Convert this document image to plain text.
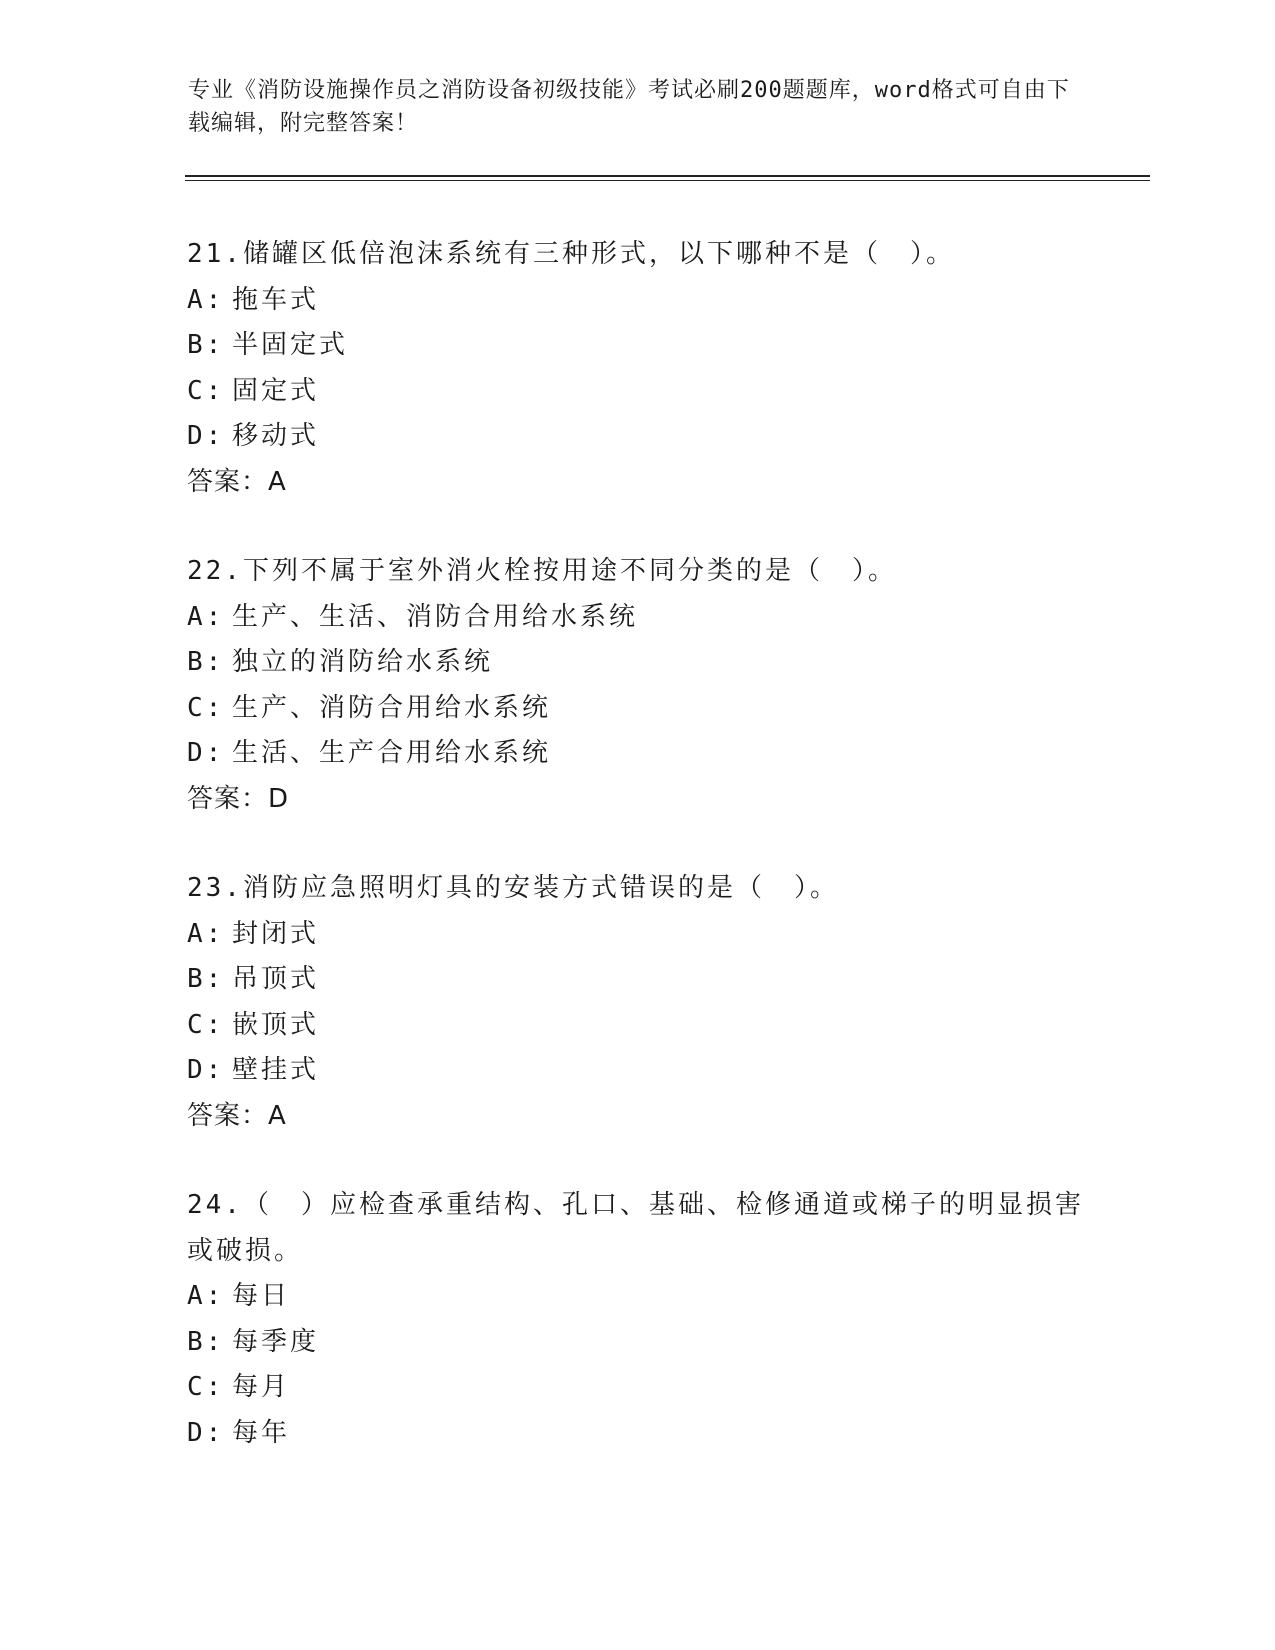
专业《消防设施操作员之消防设备初级技能》考试必刷200题题库，word格式可自由下载编辑，附完整答案！
21.储罐区低倍泡沫系统有三种形式，以下哪种不是（　）。
A: 拖车式
B: 半固定式
C: 固定式
D: 移动式
答案：A
22.下列不属于室外消火栓按用途不同分类的是（　）。
A: 生产、生活、消防合用给水系统
B: 独立的消防给水系统
C: 生产、消防合用给水系统
D: 生活、生产合用给水系统
答案：D
23.消防应急照明灯具的安装方式错误的是（　）。
A: 封闭式
B: 吊顶式
C: 嵌顶式
D: 壁挂式
答案：A
24.（　）应检查承重结构、孔口、基础、检修通道或梯子的明显损害或破损。
A: 每日
B: 每季度
C: 每月
D: 每年
